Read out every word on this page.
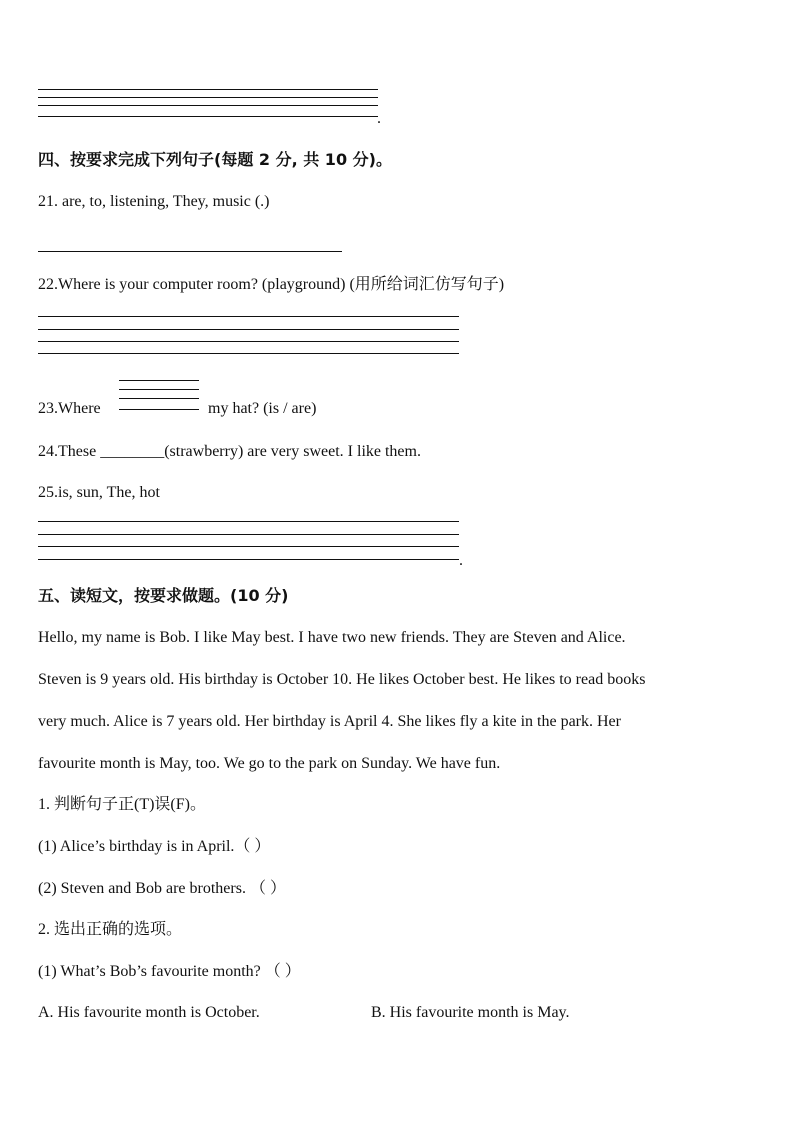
.
四、按要求完成下列句子(每题 2 分, 共 10 分)。
21. are, to, listening, They, music (.)
22.Where is your computer room? (playground) (用所给词汇仿写句子)
23.Where	my hat? (is / are)
24.These ________(strawberry) are very sweet. I like them.
25.is, sun, The, hot
.
五、读短文，按要求做题。(10 分)
Hello, my name is Bob. I like May best. I have two new friends. They are Steven and Alice.
Steven is 9 years old. His birthday is October 10. He likes October best. He likes to read books
very much. Alice is 7 years old. Her birthday is April 4. She likes fly a kite in the park. Her
favourite month is May, too. We go to the park on Sunday. We have fun.
1. 判断句子正(T)误(F)。
(1) Alice’s birthday is in April.（ ）
(2) Steven and Bob are brothers. （ ）
2. 选出正确的选项。
(1) What’s Bob’s favourite month? （ ）
A. His favourite month is October.	B. His favourite month is May.
